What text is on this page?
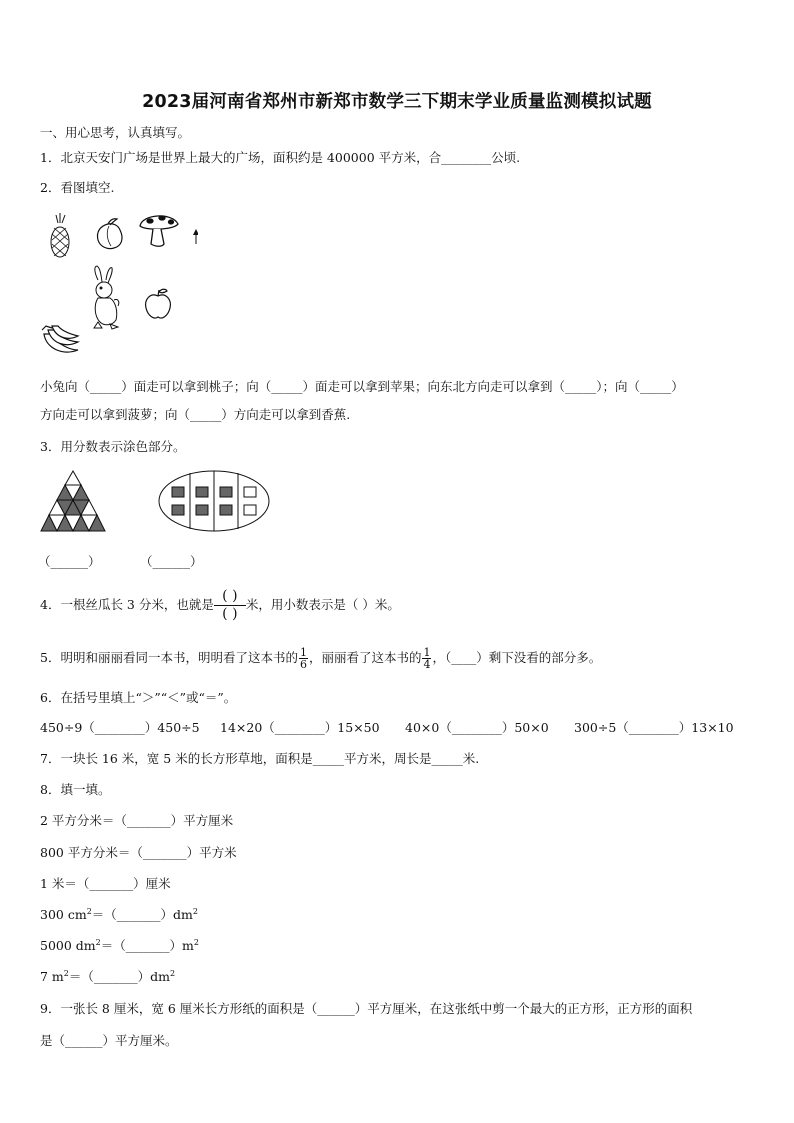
2023届河南省郑州市新郑市数学三下期末学业质量监测模拟试题
一、用心思考，认真填写。
1．北京天安门广场是世界上最大的广场，面积约是 400000 平方米，合________公顷.
2．看图填空.
小兔向（_____）面走可以拿到桃子；向（_____）面走可以拿到苹果；向东北方向走可以拿到（_____）；向（_____）
方向走可以拿到菠萝；向（_____）方向走可以拿到香蕉.
3．用分数表示涂色部分。
（______）	（______）
4．一根丝瓜长 3 分米，也就是
( )
( )
米，用小数表示是（ ）米。
5．明明和丽丽看同一本书，明明看了这本书的 $\frac{1}{6}$ ，丽丽看了这本书的 $\frac{1}{4}$ ，（____）剩下没看的部分多。
6．在括号里填上“＞”“＜”或“＝”。
450÷9（________）450÷5 14×20（________）15×50 40×0（________）50×0 300÷5（________）13×10
7．一块长 16 米，宽 5 米的长方形草地，面积是_____平方米，周长是_____米.
8．填一填。
2 平方分米＝（_______）平方厘米
800 平方分米＝（_______）平方米
1 米＝（_______）厘米
300 $cm^2=(\_\_\_\_\_\_\_)dm^2$
5000 $dm^2=(\_\_\_\_\_\_\_)m^2$
7 $m^2=(\_\_\_\_\_\_\_)dm^2$
9．一张长 8 厘米，宽 6 厘米长方形纸的面积是（______）平方厘米，在这张纸中剪一个最大的正方形，正方形的面积
是（______）平方厘米。
